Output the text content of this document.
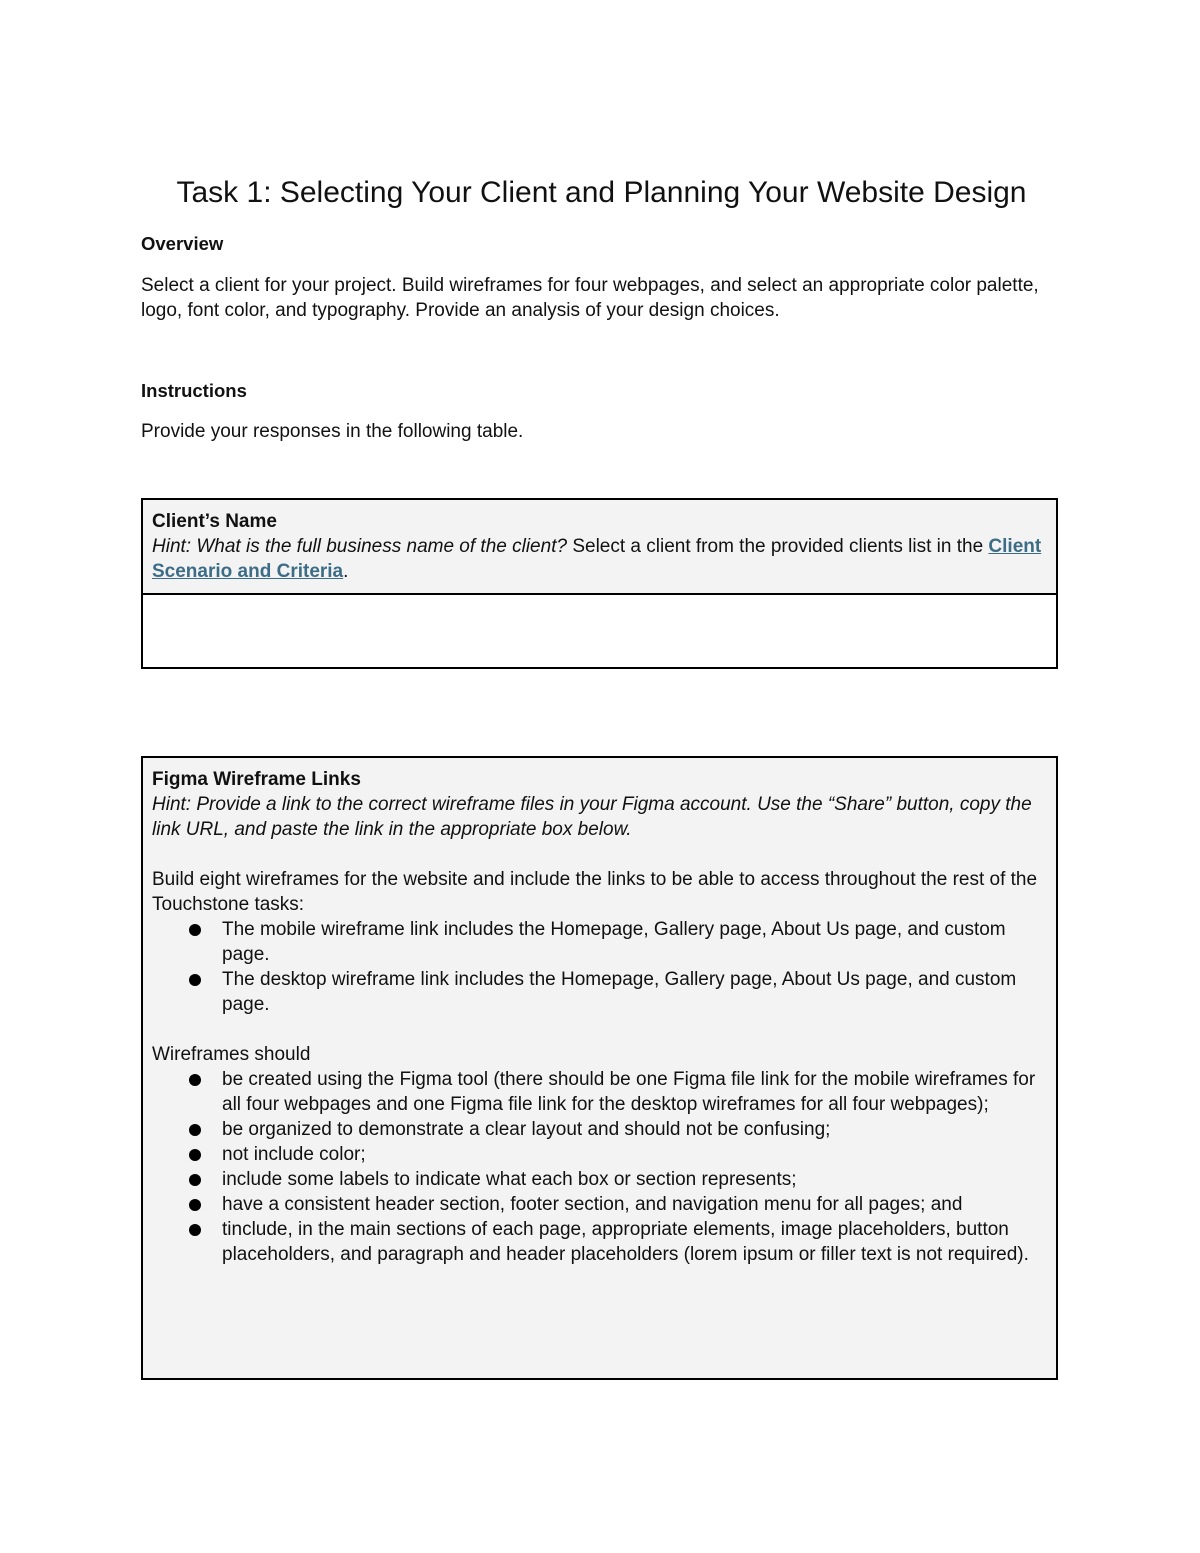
Task 1: Selecting Your Client and Planning Your Website Design
Overview

Select a client for your project. Build wireframes for four webpages, and select an appropriate color palette, logo, font color, and typography. Provide an analysis of your design choices.

Instructions

Provide your responses in the following table.

Client’s Name
Hint: What is the full business name of the client? Select a client from the provided clients list in the Client Scenario and Criteria.
Figma Wireframe Links
Hint: Provide a link to the correct wireframe files in your Figma account. Use the “Share” button, copy the link URL, and paste the link in the appropriate box below.
Build eight wireframes for the website and include the links to be able to access throughout the rest of the Touchstone tasks:
The mobile wireframe link includes the Homepage, Gallery page, About Us page, and custom page.
The desktop wireframe link includes the Homepage, Gallery page, About Us page, and custom page.
Wireframes should
be created using the Figma tool (there should be one Figma file link for the mobile wireframes for all four webpages and one Figma file link for the desktop wireframes for all four webpages);
be organized to demonstrate a clear layout and should not be confusing;
not include color;
include some labels to indicate what each box or section represents;
have a consistent header section, footer section, and navigation menu for all pages; and
tinclude, in the main sections of each page, appropriate elements, image placeholders, button placeholders, and paragraph and header placeholders (lorem ipsum or filler text is not required).
